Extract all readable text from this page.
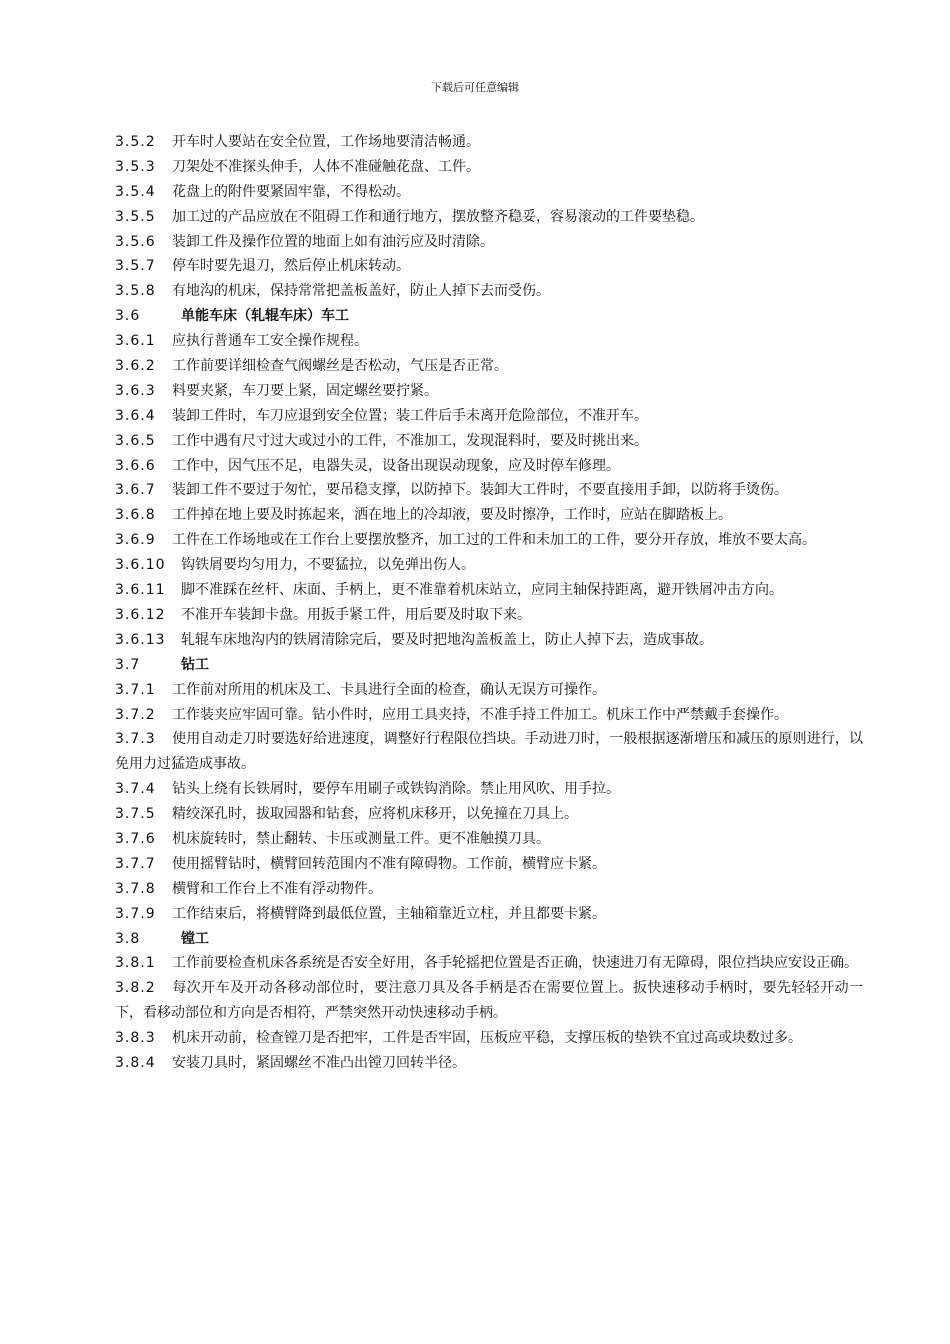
下载后可任意编辑
3.5.2 开车时人要站在安全位置，工作场地要清洁畅通。
3.5.3 刀架处不准探头伸手，人体不准碰触花盘、工件。
3.5.4 花盘上的附件要紧固牢靠，不得松动。
3.5.5 加工过的产品应放在不阻碍工作和通行地方，摆放整齐稳妥，容易滚动的工件要垫稳。
3.5.6 装卸工件及操作位置的地面上如有油污应及时清除。
3.5.7 停车时要先退刀，然后停止机床转动。
3.5.8 有地沟的机床，保持常常把盖板盖好，防止人掉下去而受伤。
3.6	单能车床（轧辊车床）车工
3.6.1 应执行普通车工安全操作规程。
3.6.2 工作前要详细检查气阀螺丝是否松动，气压是否正常。
3.6.3 料要夹紧，车刀要上紧，固定螺丝要拧紧。
3.6.4 装卸工件时，车刀应退到安全位置；装工件后手未离开危险部位，不准开车。
3.6.5 工作中遇有尺寸过大或过小的工件，不准加工，发现混料时，要及时挑出来。
3.6.6 工作中，因气压不足，电器失灵，设备出现误动现象，应及时停车修理。
3.6.7 装卸工件不要过于匆忙，要吊稳支撑，以防掉下。装卸大工件时，不要直接用手卸，以防将手烫伤。
3.6.8 工件掉在地上要及时拣起来，洒在地上的冷却液，要及时擦净，工作时，应站在脚踏板上。
3.6.9 工件在工作场地或在工作台上要摆放整齐，加工过的工件和未加工的工件，要分开存放，堆放不要太高。
3.6.10 钩铁屑要均匀用力，不要猛拉，以免弹出伤人。
3.6.11 脚不准踩在丝杆、床面、手柄上，更不准靠着机床站立，应同主轴保持距离，避开铁屑冲击方向。
3.6.12 不准开车装卸卡盘。用扳手紧工件，用后要及时取下来。
3.6.13 轧辊车床地沟内的铁屑清除完后，要及时把地沟盖板盖上，防止人掉下去，造成事故。
3.7	钻工
3.7.1 工作前对所用的机床及工、卡具进行全面的检查，确认无误方可操作。
3.7.2 工作装夹应牢固可靠。钻小件时，应用工具夹持，不准手持工件加工。机床工作中严禁戴手套操作。
3.7.3 使用自动走刀时要选好给进速度，调整好行程限位挡块。手动进刀时，一般根据逐渐增压和减压的原则进行，以免用力过猛造成事故。
3.7.4 钻头上绕有长铁屑时，要停车用刷子或铁钩消除。禁止用风吹、用手拉。
3.7.5 精绞深孔时，拔取园器和钻套，应将机床移开，以免撞在刀具上。
3.7.6 机床旋转时，禁止翻转、卡压或测量工件。更不准触摸刀具。
3.7.7 使用摇臂钻时，横臂回转范围内不准有障碍物。工作前，横臂应卡紧。
3.7.8 横臂和工作台上不准有浮动物件。
3.7.9 工作结束后，将横臂降到最低位置，主轴箱靠近立柱，并且都要卡紧。
3.8	镗工
3.8.1 工作前要检查机床各系统是否安全好用，各手轮摇把位置是否正确，快速进刀有无障碍，限位挡块应安设正确。
3.8.2 每次开车及开动各移动部位时，要注意刀具及各手柄是否在需要位置上。扳快速移动手柄时，要先轻轻开动一下，看移动部位和方向是否相符，严禁突然开动快速移动手柄。
3.8.3 机床开动前，检查镗刀是否把牢，工件是否牢固，压板应平稳，支撑压板的垫铁不宜过高或块数过多。
3.8.4 安装刀具时，紧固螺丝不准凸出镗刀回转半径。
